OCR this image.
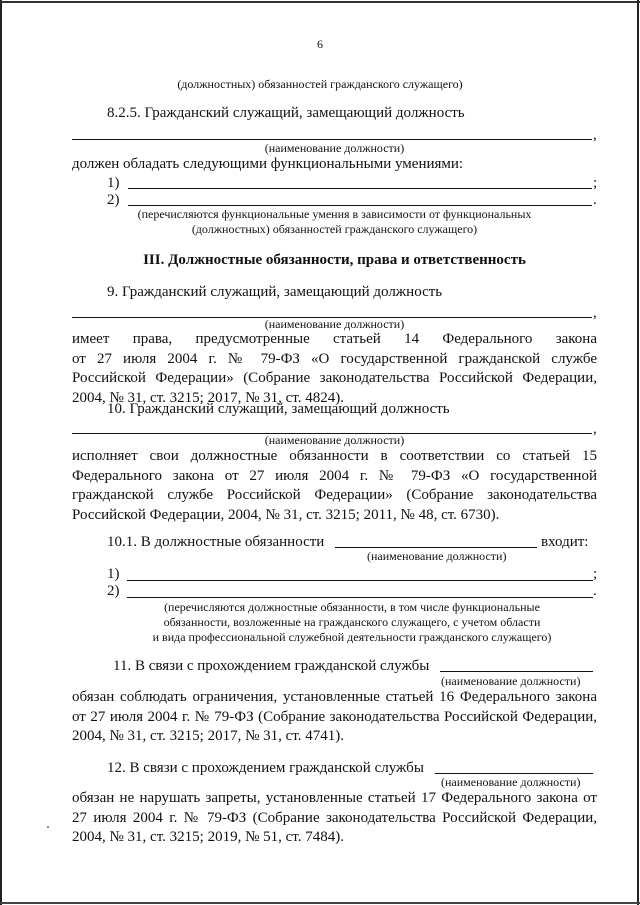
6
(должностных) обязанностей гражданского служащего)
8.2.5. Гражданский служащий, замещающий должность
,
(наименование должности)
должен обладать следующими функциональными умениями:
1)	;
2)	.
(перечисляются функциональные умения в зависимости от функциональных
(должностных) обязанностей гражданского служащего)
III. Должностные обязанности, права и ответственность
9. Гражданский служащий, замещающий должность
,
(наименование должности)
имеет права, предусмотренные статьей 14 Федерального закона
от 27 июля 2004 г. № 79-ФЗ «О государственной гражданской службе
Российской Федерации» (Собрание законодательства Российской Федерации,
2004, № 31, ст. 3215; 2017, № 31, ст. 4824).
10. Гражданский служащий, замещающий должность
,
(наименование должности)
исполняет свои должностные обязанности в соответствии со статьей 15
Федерального закона от 27 июля 2004 г. № 79-ФЗ «О государственной
гражданской службе Российской Федерации» (Собрание законодательства
Российской Федерации, 2004, № 31, ст. 3215; 2011, № 48, ст. 6730).
10.1. В должностные обязанности	входит:
(наименование должности)
1)	;
2)	.
(перечисляются должностные обязанности, в том числе функциональные
обязанности, возложенные на гражданского служащего, с учетом области
и вида профессиональной служебной деятельности гражданского служащего)
11. В связи с прохождением гражданской службы
(наименование должности)
обязан соблюдать ограничения, установленные статьей 16 Федерального закона
от 27 июля 2004 г. № 79-ФЗ (Собрание законодательства Российской Федерации,
2004, № 31, ст. 3215; 2017, № 31, ст. 4741).
12. В связи с прохождением гражданской службы
(наименование должности)
обязан не нарушать запреты, установленные статьей 17 Федерального закона от
27 июля 2004 г. № 79-ФЗ (Собрание законодательства Российской Федерации,
2004, № 31, ст. 3215; 2019, № 51, ст. 7484).
